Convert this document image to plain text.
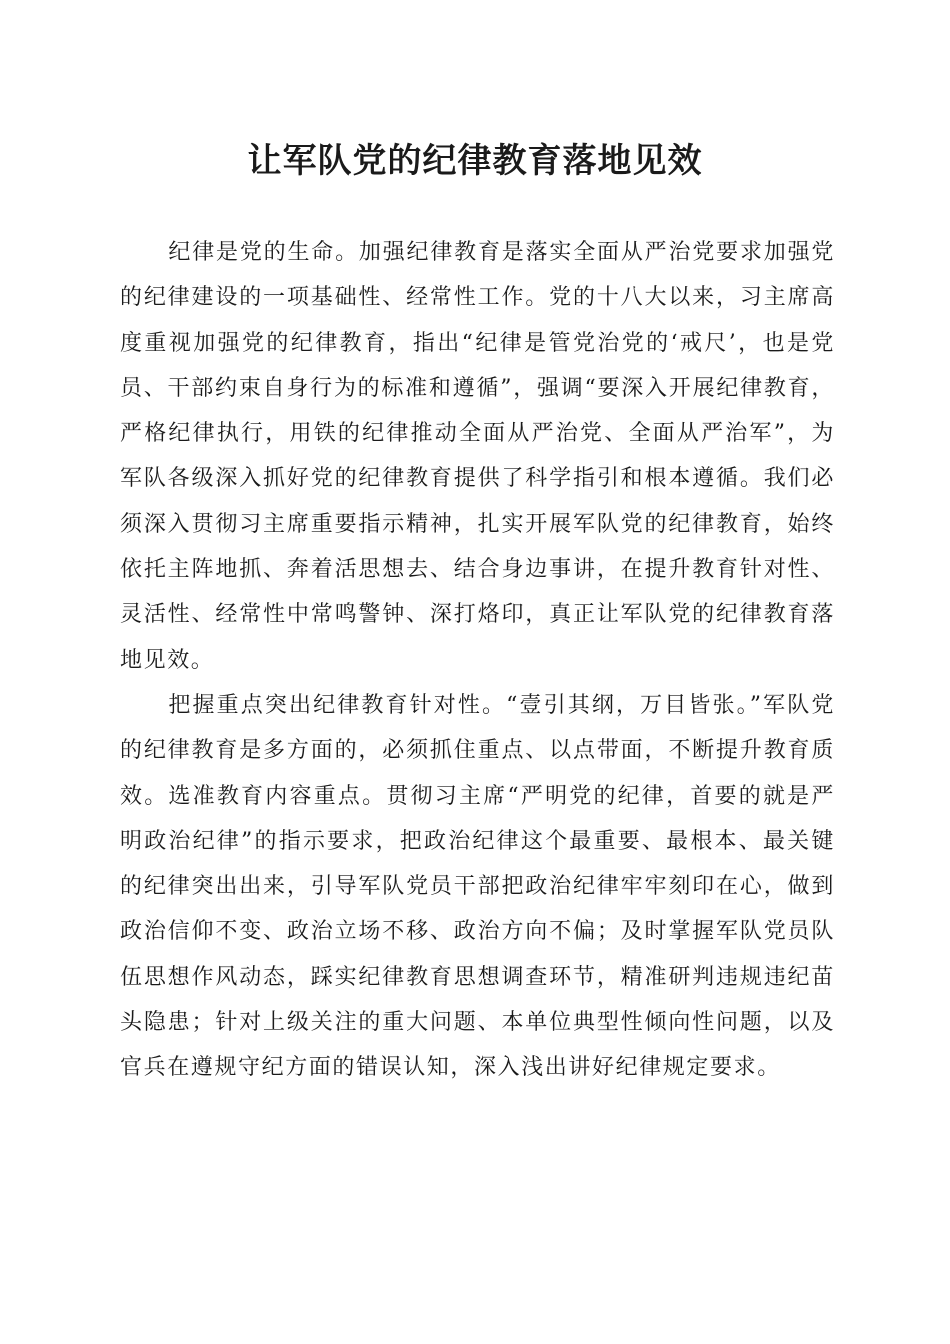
让军队党的纪律教育落地见效

纪律是党的生命。加强纪律教育是落实全面从严治党要求加强党的纪律建设的一项基础性、经常性工作。党的十八大以来，习主席高度重视加强党的纪律教育，指出“纪律是管党治党的‘戒尺’，也是党员、干部约束自身行为的标准和遵循”，强调“要深入开展纪律教育，严格纪律执行，用铁的纪律推动全面从严治党、全面从严治军”，为军队各级深入抓好党的纪律教育提供了科学指引和根本遵循。我们必须深入贯彻习主席重要指示精神，扎实开展军队党的纪律教育，始终依托主阵地抓、奔着活思想去、结合身边事讲，在提升教育针对性、灵活性、经常性中常鸣警钟、深打烙印，真正让军队党的纪律教育落地见效。

把握重点突出纪律教育针对性。“壹引其纲，万目皆张。”军队党的纪律教育是多方面的，必须抓住重点、以点带面，不断提升教育质效。选准教育内容重点。贯彻习主席“严明党的纪律，首要的就是严明政治纪律”的指示要求，把政治纪律这个最重要、最根本、最关键的纪律突出出来，引导军队党员干部把政治纪律牢牢刻印在心，做到政治信仰不变、政治立场不移、政治方向不偏；及时掌握军队党员队伍思想作风动态，踩实纪律教育思想调查环节，精准研判违规违纪苗头隐患；针对上级关注的重大问题、本单位典型性倾向性问题，以及官兵在遵规守纪方面的错误认知，深入浅出讲好纪律规定要求。
